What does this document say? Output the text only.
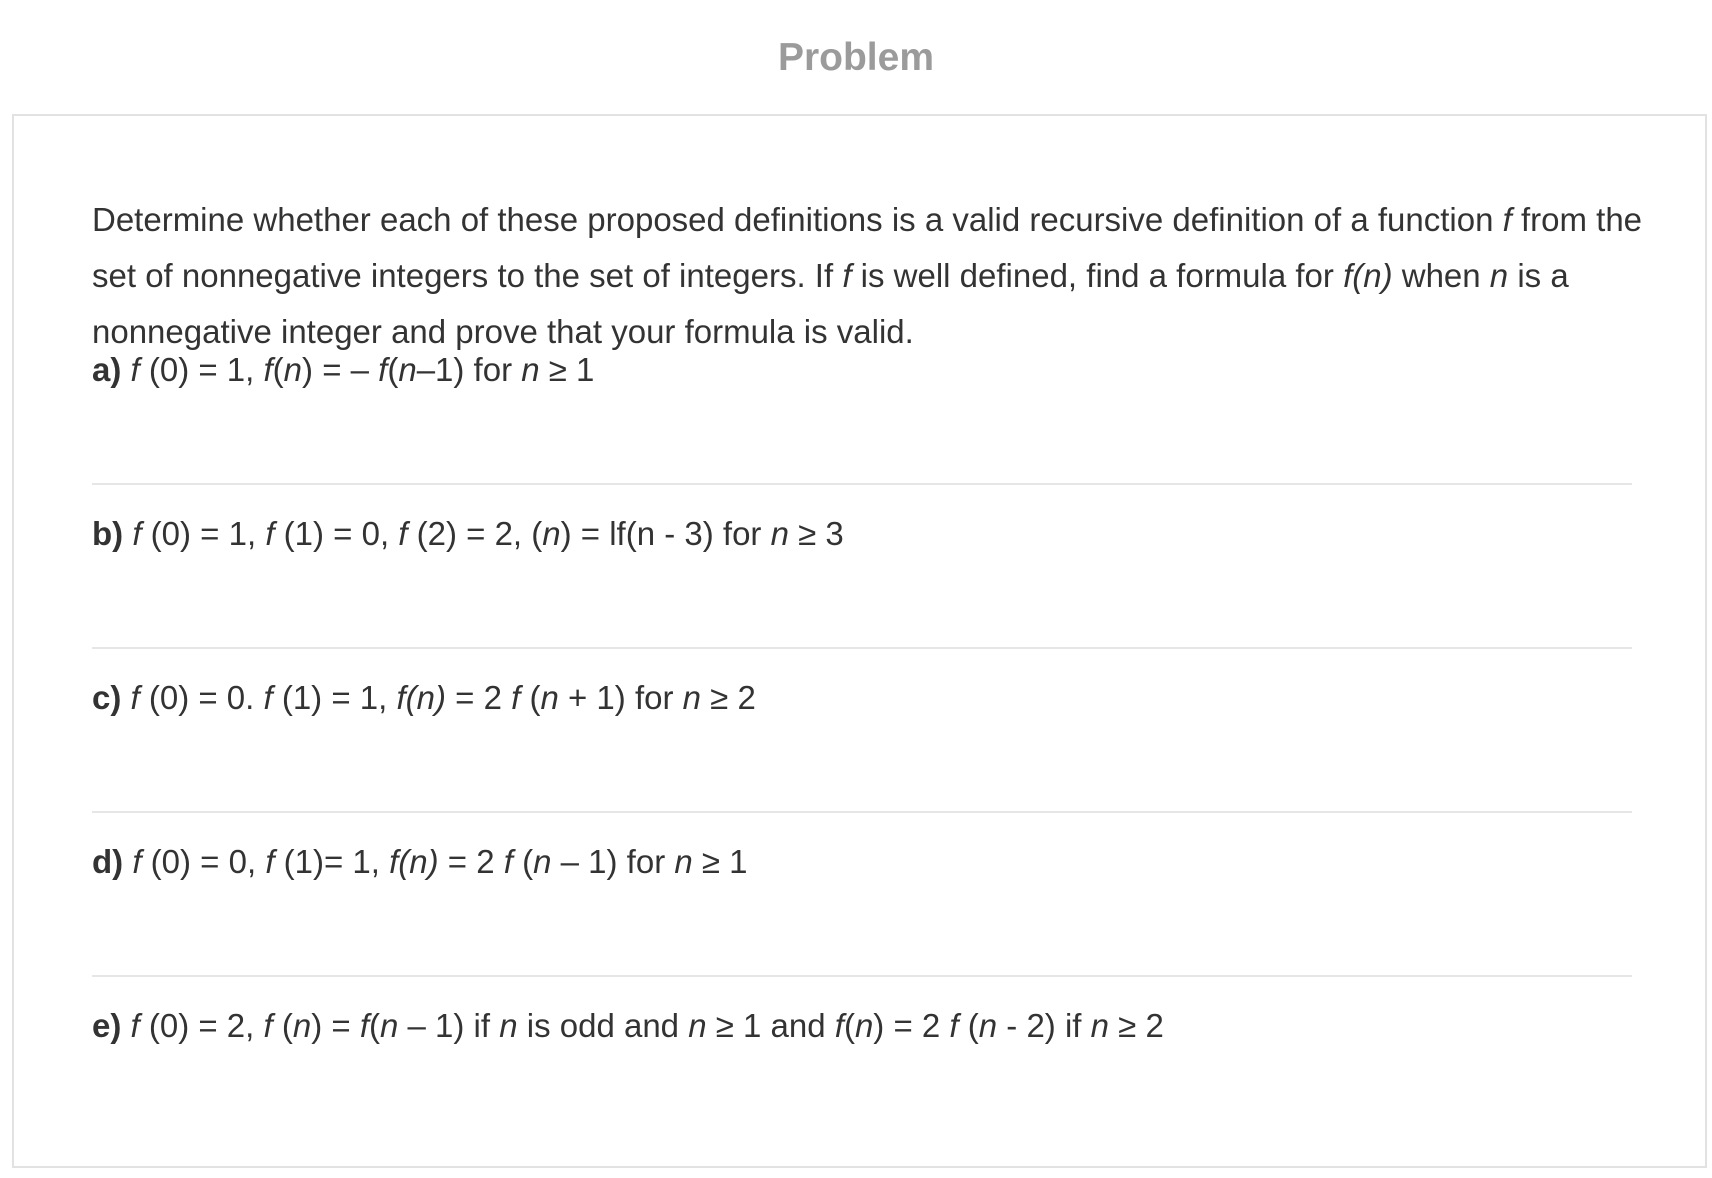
Problem
Determine whether each of these proposed definitions is a valid recursive definition of a function f from the set of nonnegative integers to the set of integers. If f is well defined, find a formula for f(n) when n is a nonnegative integer and prove that your formula is valid.
a) f (0) = 1, f(n) = – f(n–1) for n ≥ 1
b) f (0) = 1, f (1) = 0, f (2) = 2, (n) = lf(n - 3) for n ≥ 3
c) f (0) = 0. f (1) = 1, f(n) = 2 f (n + 1) for n ≥ 2
d) f (0) = 0, f (1)= 1, f(n) = 2 f (n – 1) for n ≥ 1
e) f (0) = 2, f (n) = f(n – 1) if n is odd and n ≥ 1 and f(n) = 2 f (n - 2) if n ≥ 2
